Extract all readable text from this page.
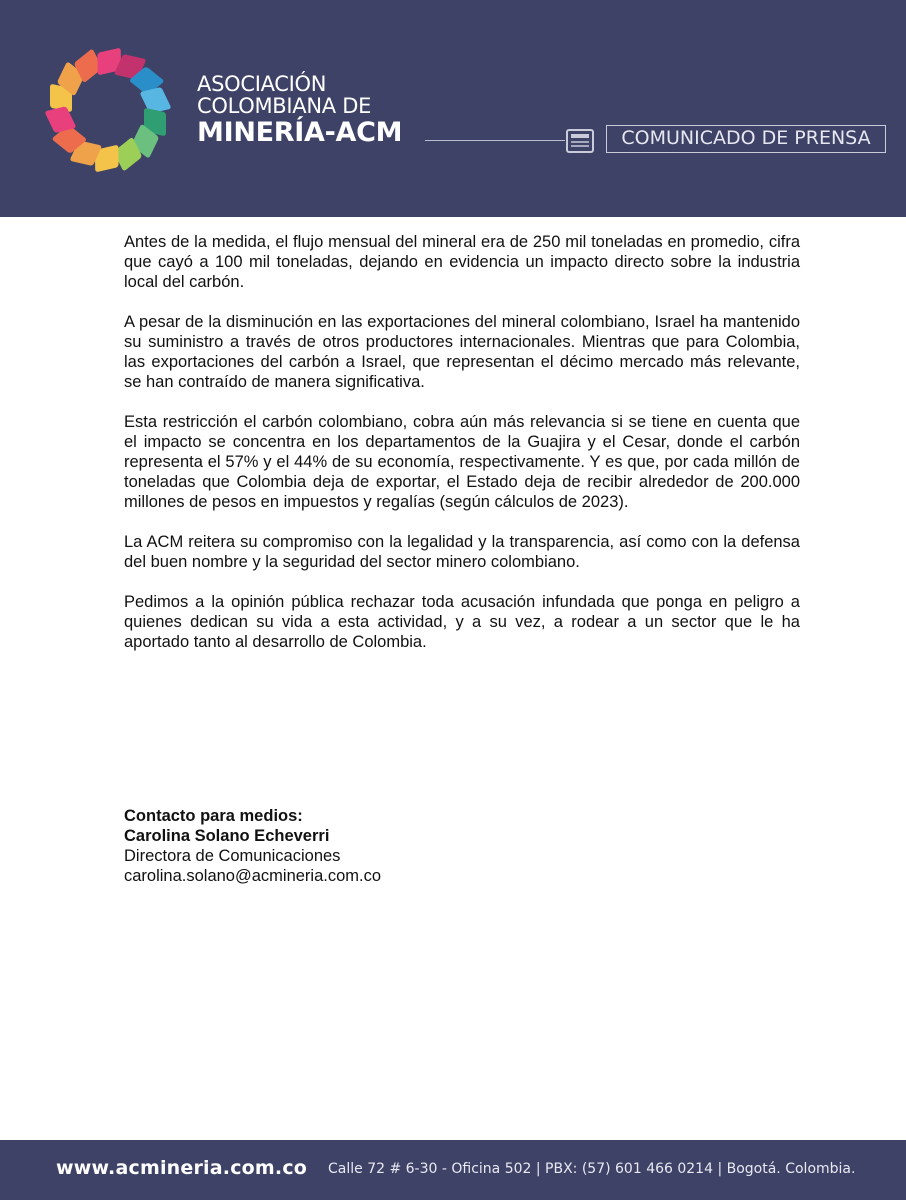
ASOCIACIÓN
COLOMBIANA DE
MINERÍA-ACM	COMUNICADO DE PRENSA

Antes de la medida, el flujo mensual del mineral era de 250 mil toneladas en promedio, cifra que cayó a 100 mil toneladas, dejando en evidencia un impacto directo sobre la industria local del carbón.

A pesar de la disminución en las exportaciones del mineral colombiano, Israel ha mantenido su suministro a través de otros productores internacionales. Mientras que para Colombia, las exportaciones del carbón a Israel, que representan el décimo mercado más relevante, se han contraído de manera significativa.

Esta restricción el carbón colombiano, cobra aún más relevancia si se tiene en cuenta que el impacto se concentra en los departamentos de la Guajira y el Cesar, donde el carbón representa el 57% y el 44% de su economía, respectivamente. Y es que, por cada millón de toneladas que Colombia deja de exportar, el Estado deja de recibir alrededor de 200.000 millones de pesos en impuestos y regalías (según cálculos de 2023).

La ACM reitera su compromiso con la legalidad y la transparencia, así como con la defensa del buen nombre y la seguridad del sector minero colombiano.

Pedimos a la opinión pública rechazar toda acusación infundada que ponga en peligro a quienes dedican su vida a esta actividad, y a su vez, a rodear a un sector que le ha aportado tanto al desarrollo de Colombia.

Contacto para medios:
Carolina Solano Echeverri
Directora de Comunicaciones
carolina.solano@acmineria.com.co
www.acmineria.com.co Calle 72 # 6-30 - Oficina 502 | PBX: (57) 601 466 0214 | Bogotá. Colombia.
